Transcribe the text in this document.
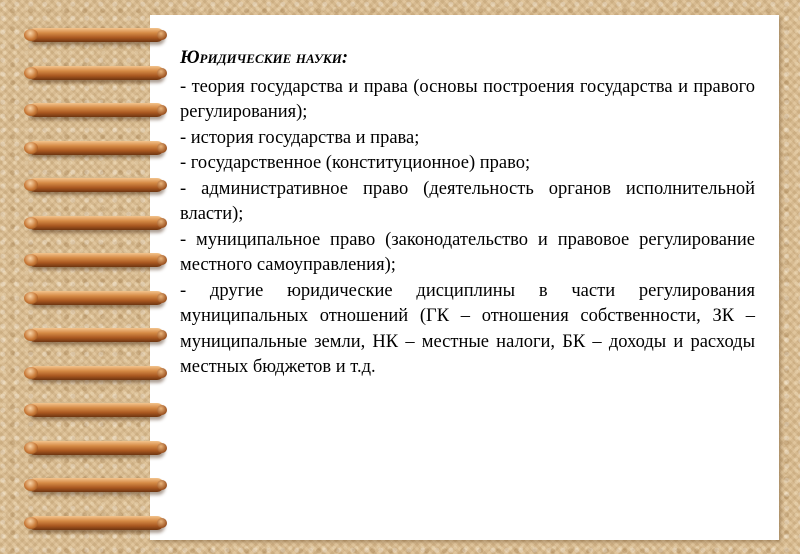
Юридические науки:
- теория государства и права (основы построения государства и правого регулирования);
- история государства и права;
- государственное (конституционное) право;
- административное право (деятельность органов исполнительной власти);
- муниципальное право (законодательство и правовое регулирование местного самоуправления);
- другие юридические дисциплины в части регулирования муниципальных отношений (ГК – отношения собственности, ЗК – муниципальные земли, НК – местные налоги, БК – доходы и расходы местных бюджетов и т.д.
